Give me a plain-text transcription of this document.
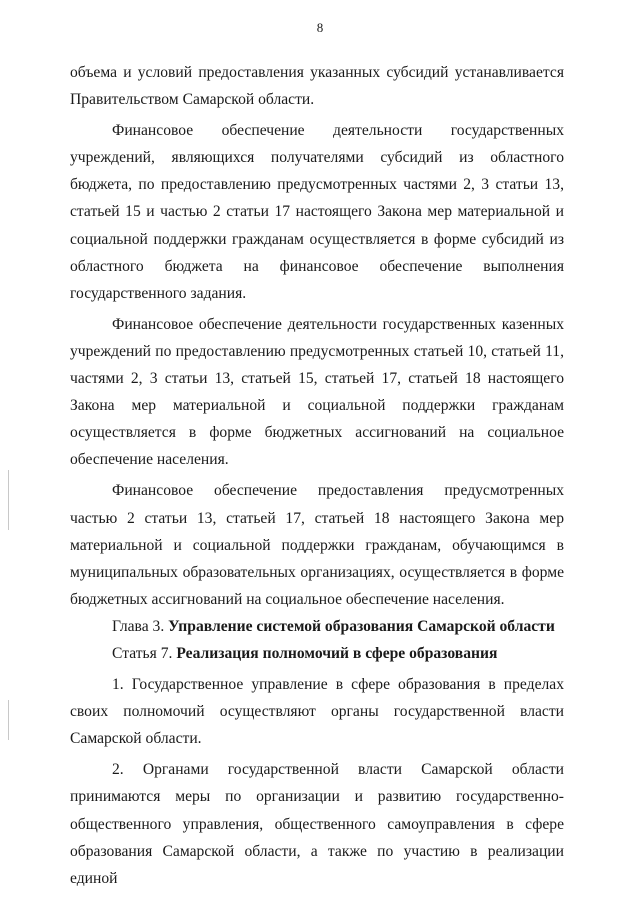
8

объема и условий предоставления указанных субсидий устанавливается Правительством Самарской области.

Финансовое обеспечение деятельности государственных учреждений, являющихся получателями субсидий из областного бюджета, по предоставлению предусмотренных частями 2, 3 статьи 13, статьей 15 и частью 2 статьи 17 настоящего Закона мер материальной и социальной поддержки гражданам осуществляется в форме субсидий из областного бюджета на финансовое обеспечение выполнения государственного задания.

Финансовое обеспечение деятельности государственных казенных учреждений по предоставлению предусмотренных статьей 10, статьей 11, частями 2, 3 статьи 13, статьей 15, статьей 17, статьей 18 настоящего Закона мер материальной и социальной поддержки гражданам осуществляется в форме бюджетных ассигнований на социальное обеспечение населения.

Финансовое обеспечение предоставления предусмотренных частью 2 статьи 13, статьей 17, статьей 18 настоящего Закона мер материальной и социальной поддержки гражданам, обучающимся в муниципальных образовательных организациях, осуществляется в форме бюджетных ассигнований на социальное обеспечение населения.

Глава 3. Управление системой образования Самарской области

Статья 7. Реализация полномочий в сфере образования

1. Государственное управление в сфере образования в пределах своих полномочий осуществляют органы государственной власти Самарской области.

2. Органами государственной власти Самарской области принимаются меры по организации и развитию государственно-общественного управления, общественного самоуправления в сфере образования Самарской области, а также по участию в реализации единой
